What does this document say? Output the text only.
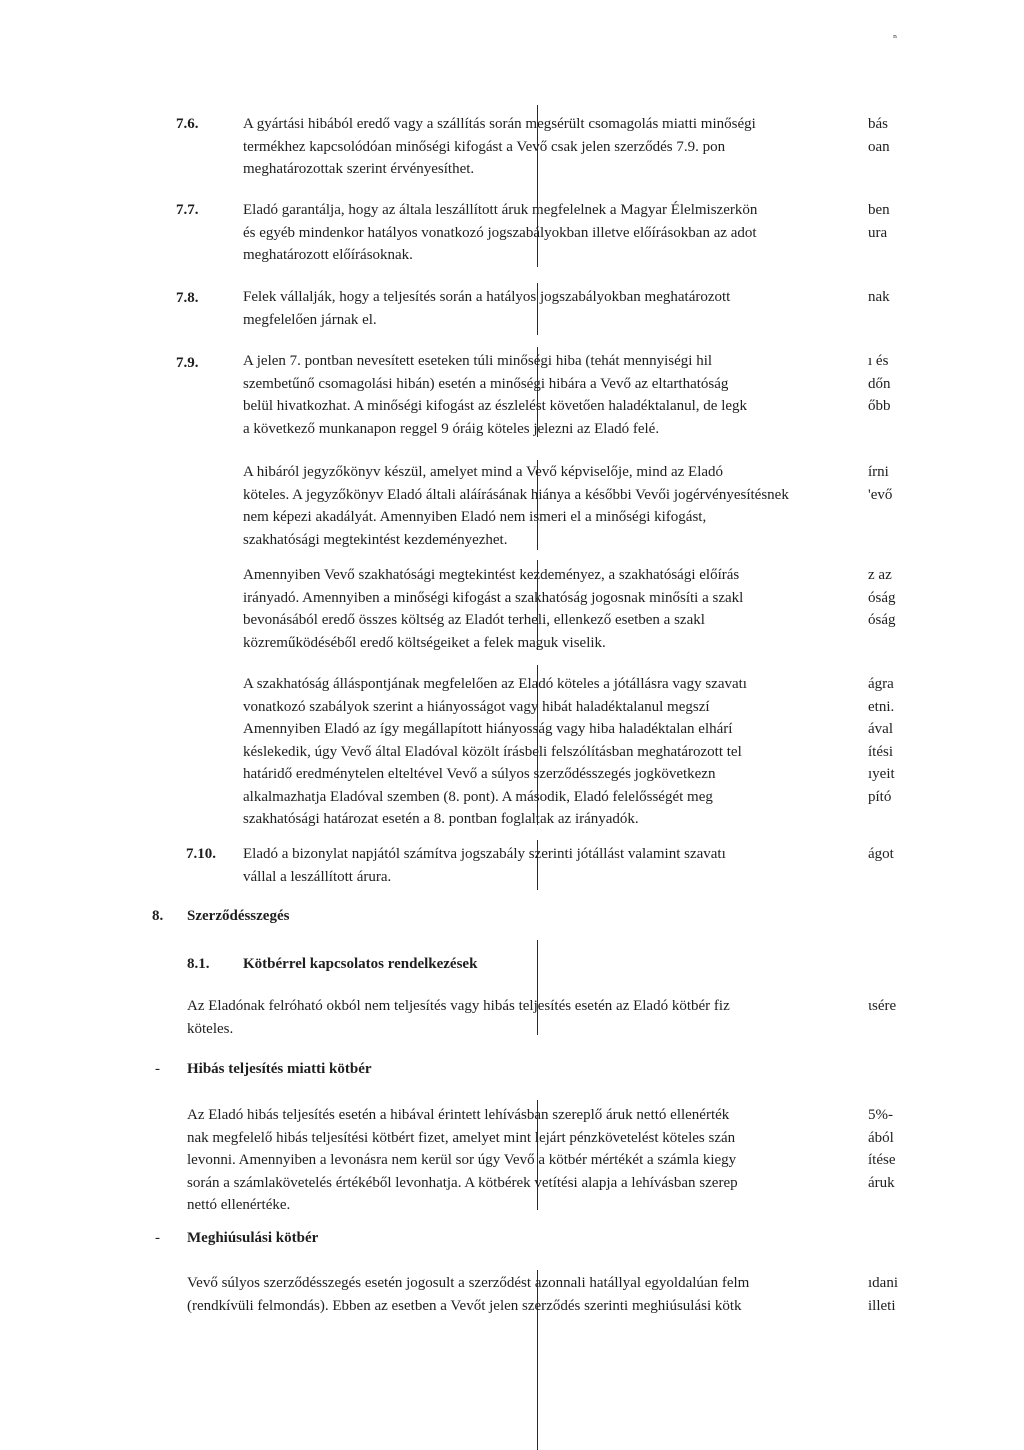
ₙ
7.6.	A gyártási hibából eredő vagy a szállítás során megsérült csomagolás miatti minőségi
termékhez kapcsolódóan minőségi kifogást a Vevő csak jelen szerződés 7.9. pon
meghatározottak szerint érvényesíthet.
bás
oan
7.7.	Eladó garantálja, hogy az általa leszállított áruk megfelelnek a Magyar Élelmiszerkön
és egyéb mindenkor hatályos vonatkozó jogszabályokban illetve előírásokban az adot
meghatározott előírásoknak.
ben
ura
7.8.	Felek vállalják, hogy a teljesítés során a hatályos jogszabályokban meghatározott
megfelelően járnak el.
nak
7.9.	A jelen 7. pontban nevesített eseteken túli minőségi hiba (tehát mennyiségi hil
szembetűnő csomagolási hibán) esetén a minőségi hibára a Vevő az eltarthatóság
belül hivatkozhat. A minőségi kifogást az észlelést követően haladéktalanul, de legk
a következő munkanapon reggel 9 óráig köteles jelezni az Eladó felé.
ı és
dőn
őbb
A hibáról jegyzőkönyv készül, amelyet mind a Vevő képviselője, mind az Eladó
köteles. A jegyzőkönyv Eladó általi aláírásának hiánya a későbbi Vevői jogérvényesítésnek
nem képezi akadályát. Amennyiben Eladó nem ismeri el a minőségi kifogást,
szakhatósági megtekintést kezdeményezhet.
írni
'evő
Amennyiben Vevő szakhatósági megtekintést kezdeményez, a szakhatósági előírás
irányadó. Amennyiben a minőségi kifogást a szakhatóság jogosnak minősíti a szakl
bevonásából eredő összes költség az Eladót terheli, ellenkező esetben a szakl
közreműködéséből eredő költségeiket a felek maguk viselik.
z az
óság
óság
A szakhatóság álláspontjának megfelelően az Eladó köteles a jótállásra vagy szavatı
vonatkozó szabályok szerint a hiányosságot vagy hibát haladéktalanul megszí
Amennyiben Eladó az így megállapított hiányosság vagy hiba haladéktalan elhárí
késlekedik, úgy Vevő által Eladóval közölt írásbeli felszólításban meghatározott tel
határidő eredménytelen elteltével Vevő a súlyos szerződésszegés jogkövetkezn
alkalmazhatja Eladóval szemben (8. pont). A második, Eladó felelősségét meg
szakhatósági határozat esetén a 8. pontban foglaltak az irányadók.
ágra
etni.
ával
ítési
ıyeit
pító
7.10. Eladó a bizonylat napjától számítva jogszabály szerinti jótállást valamint szavatı
vállal a leszállított árura.
ágot
8. Szerződésszegés
8.1. Kötbérrel kapcsolatos rendelkezések
Az Eladónak felróható okból nem teljesítés vagy hibás teljesítés esetén az Eladó kötbér fiz
köteles.
ιsére
- Hibás teljesítés miatti kötbér
Az Eladó hibás teljesítés esetén a hibával érintett lehívásban szereplő áruk nettó ellenérték
nak megfelelő hibás teljesítési kötbért fizet, amelyet mint lejárt pénzkövetelést köteles szán
levonni. Amennyiben a levonásra nem kerül sor úgy Vevő a kötbér mértékét a számla kiegy
során a számlakövetelés értékéből levonhatja. A kötbérek vetítési alapja a lehívásban szerep
nettó ellenértéke.
5%-
ából
ítése
áruk
- Meghiúsulási kötbér
Vevő súlyos szerződésszegés esetén jogosult a szerződést azonnali hatállyal egyoldalúan felm
(rendkívüli felmondás). Ebben az esetben a Vevőt jelen szerződés szerinti meghiúsulási kötk
ıdani
illeti
